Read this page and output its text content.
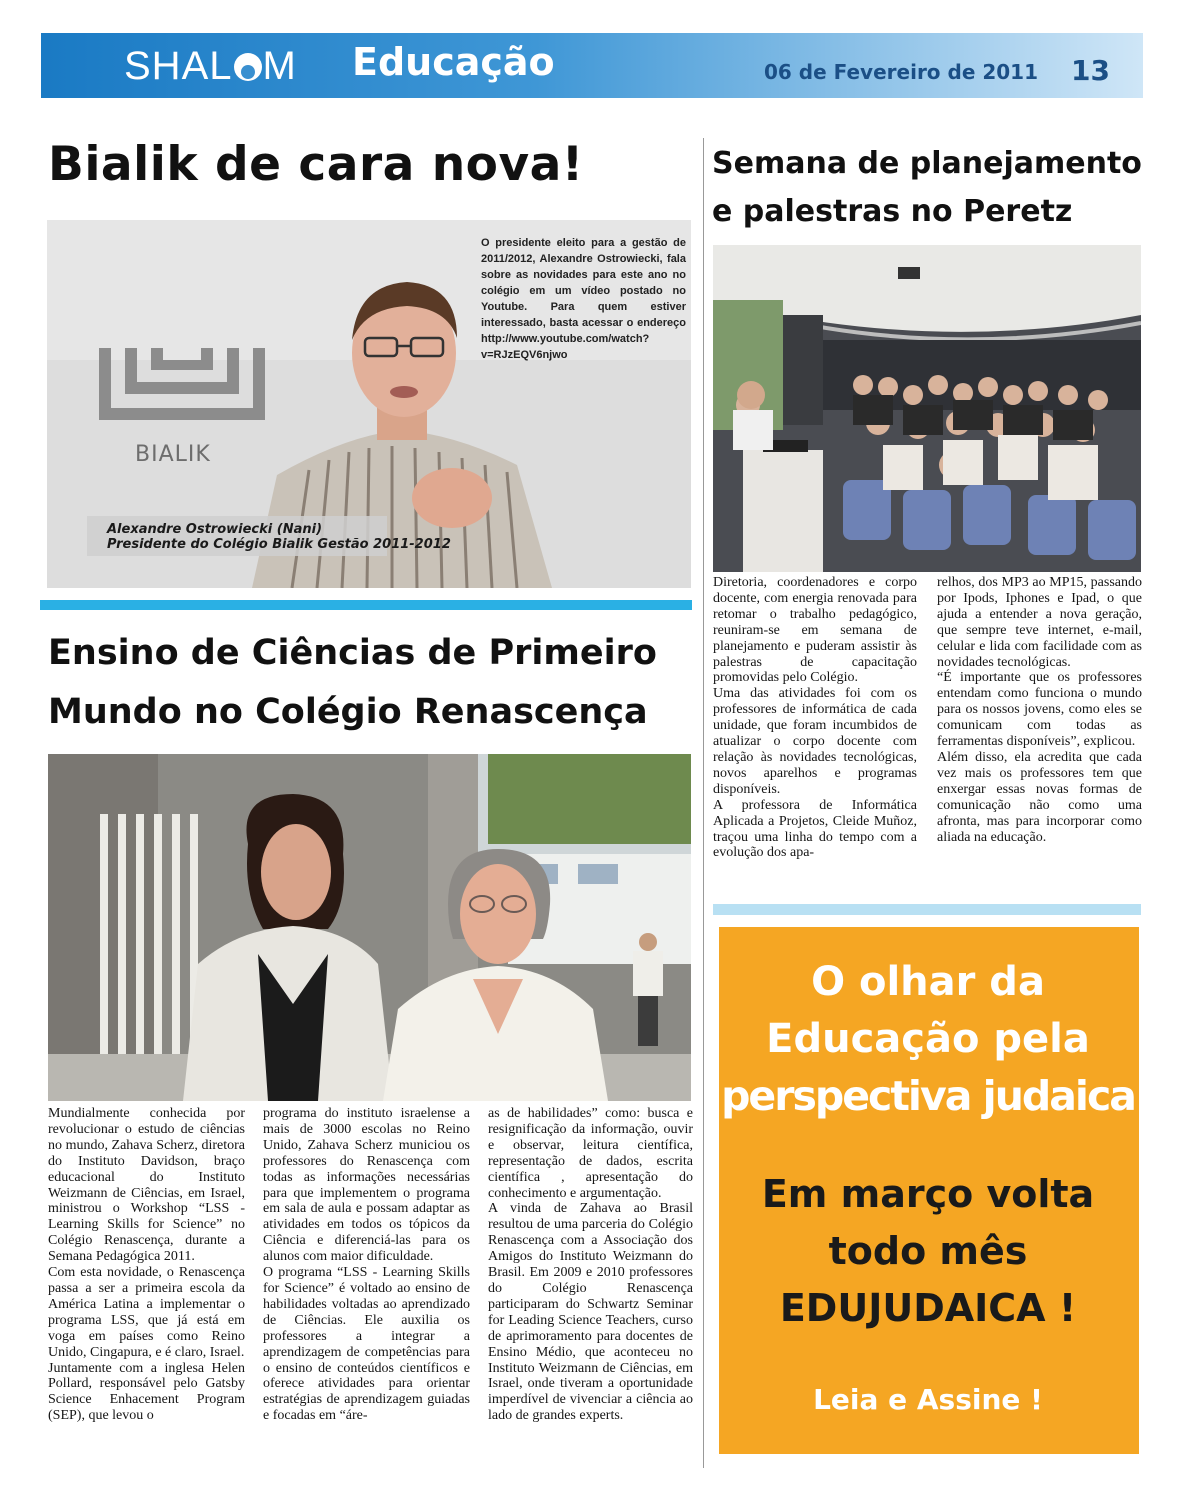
SHAL M Educação	06 de Fevereiro de 2011 13
Bialik de cara nova!
O presidente eleito para a gestão de 2011/2012, Alexandre Ostrowiecki, fala sobre as novidades para este ano no colégio em um vídeo postado no Youtube. Para quem estiver interessado, basta acessar o endereço http://www.youtube.com/watch?v=RJzEQV6njwo
BIALIK
Alexandre Ostrowiecki (Nani)
Presidente do Colégio Bialik Gestão 2011-2012
Semana de planejamento e palestras no Peretz

Diretoria, coordenadores e corpo docente, com energia renovada para retomar o trabalho pedagógico, reuniram-se em semana de planejamento e puderam assistir às palestras de capacitação promovidas pelo Colégio.

Uma das atividades foi com os professores de informática de cada unidade, que foram incumbidos de atualizar o corpo docente com relação às novidades tecnológicas, novos aparelhos e programas disponíveis.

A professora de Informática Aplicada a Projetos, Cleide Muñoz, traçou uma linha do tempo com a evolução dos apa-

relhos, dos MP3 ao MP15, passando por Ipods, Iphones e Ipad, o que ajuda a entender a nova geração, que sempre teve internet, e-mail, celular e lida com facilidade com as novidades tecnológicas.

“É importante que os professores entendam como funciona o mundo para os nossos jovens, como eles se comunicam com todas as ferramentas disponíveis”, explicou.

Além disso, ela acredita que cada vez mais os professores tem que enxergar essas novas formas de comunicação não como uma afronta, mas para incorporar como aliada na educação.

Ensino de Ciências de Primeiro Mundo no Colégio Renascença

Mundialmente conhecida por revolucionar o estudo de ciências no mundo, Zahava Scherz, diretora do Instituto Davidson, braço educacional do Instituto Weizmann de Ciências, em Israel, ministrou o Workshop “LSS - Learning Skills for Science” no Colégio Renascença, durante a Semana Pedagógica 2011.

Com esta novidade, o Renascença passa a ser a primeira escola da América Latina a implementar o programa LSS, que já está em voga em países como Reino Unido, Cingapura, e é claro, Israel.

Juntamente com a inglesa Helen Pollard, responsável pelo Gatsby Science Enhacement Program (SEP), que levou o

programa do instituto israelense a mais de 3000 escolas no Reino Unido, Zahava Scherz municiou os professores do Renascença com todas as informações necessárias para que implementem o programa em sala de aula e possam adaptar as atividades em todos os tópicos da Ciência e diferenciá-las para os alunos com maior dificuldade.

O programa “LSS - Learning Skills for Science” é voltado ao ensino de habilidades voltadas ao aprendizado de Ciências. Ele auxilia os professores a integrar a aprendizagem de competências para o ensino de conteúdos científicos e oferece atividades para orientar estratégias de aprendizagem guiadas e focadas em “áre-

as de habilidades” como: busca e resignificação da informação, ouvir e observar, leitura científica, representação de dados, escrita científica , apresentação do conhecimento e argumentação.

A vinda de Zahava ao Brasil resultou de uma parceria do Colégio Renascença com a Associação dos Amigos do Instituto Weizmann do Brasil. Em 2009 e 2010 professores do Colégio Renascença participaram do Schwartz Seminar for Leading Science Teachers, curso de aprimoramento para docentes de Ensino Médio, que aconteceu no Instituto Weizmann de Ciências, em Israel, onde tiveram a oportunidade imperdível de vivenciar a ciência ao lado de grandes experts.

O olhar da
Educação pela
perspectiva judaica
Em março volta
todo mês
EDUJUDAICA !
Leia e Assine !
